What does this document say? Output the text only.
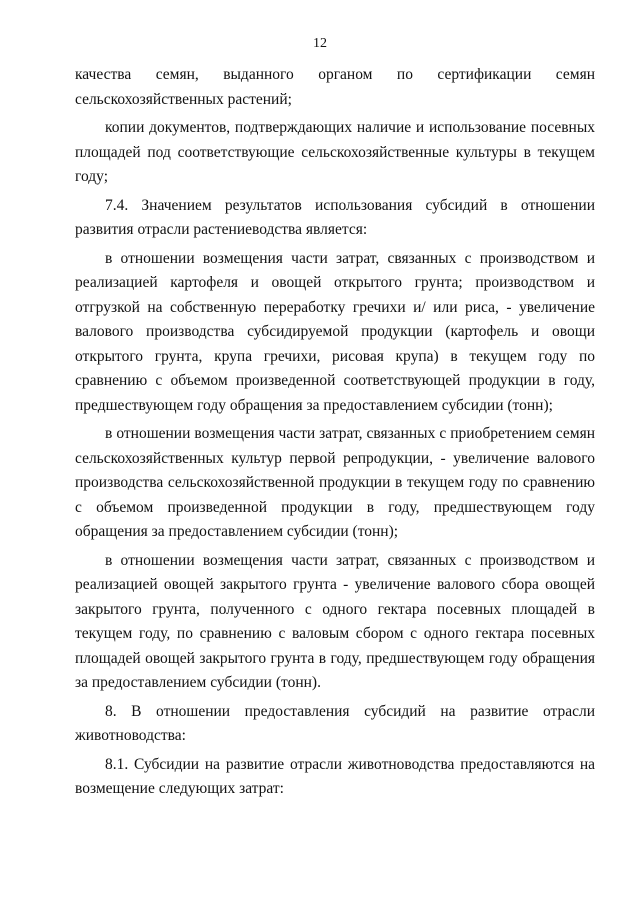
12

качества семян, выданного органом по сертификации семян сельскохозяйственных растений;

копии документов, подтверждающих наличие и использование посевных площадей под соответствующие сельскохозяйственные культуры в текущем году;

7.4. Значением результатов использования субсидий в отношении развития отрасли растениеводства является:

в отношении возмещения части затрат, связанных с производством и реализацией картофеля и овощей открытого грунта; производством и отгрузкой на собственную переработку гречихи и/ или риса, - увеличение валового производства субсидируемой продукции (картофель и овощи открытого грунта, крупа гречихи, рисовая крупа) в текущем году по сравнению с объемом произведенной соответствующей продукции в году, предшествующем году обращения за предоставлением субсидии (тонн);

в отношении возмещения части затрат, связанных с приобретением семян сельскохозяйственных культур первой репродукции, - увеличение валового производства сельскохозяйственной продукции в текущем году по сравнению с объемом произведенной продукции в году, предшествующем году обращения за предоставлением субсидии (тонн);

в отношении возмещения части затрат, связанных с производством и реализацией овощей закрытого грунта - увеличение валового сбора овощей закрытого грунта, полученного с одного гектара посевных площадей в текущем году, по сравнению с валовым сбором с одного гектара посевных площадей овощей закрытого грунта в году, предшествующем году обращения за предоставлением субсидии (тонн).

8. В отношении предоставления субсидий на развитие отрасли животноводства:

8.1. Субсидии на развитие отрасли животноводства предоставляются на возмещение следующих затрат:
